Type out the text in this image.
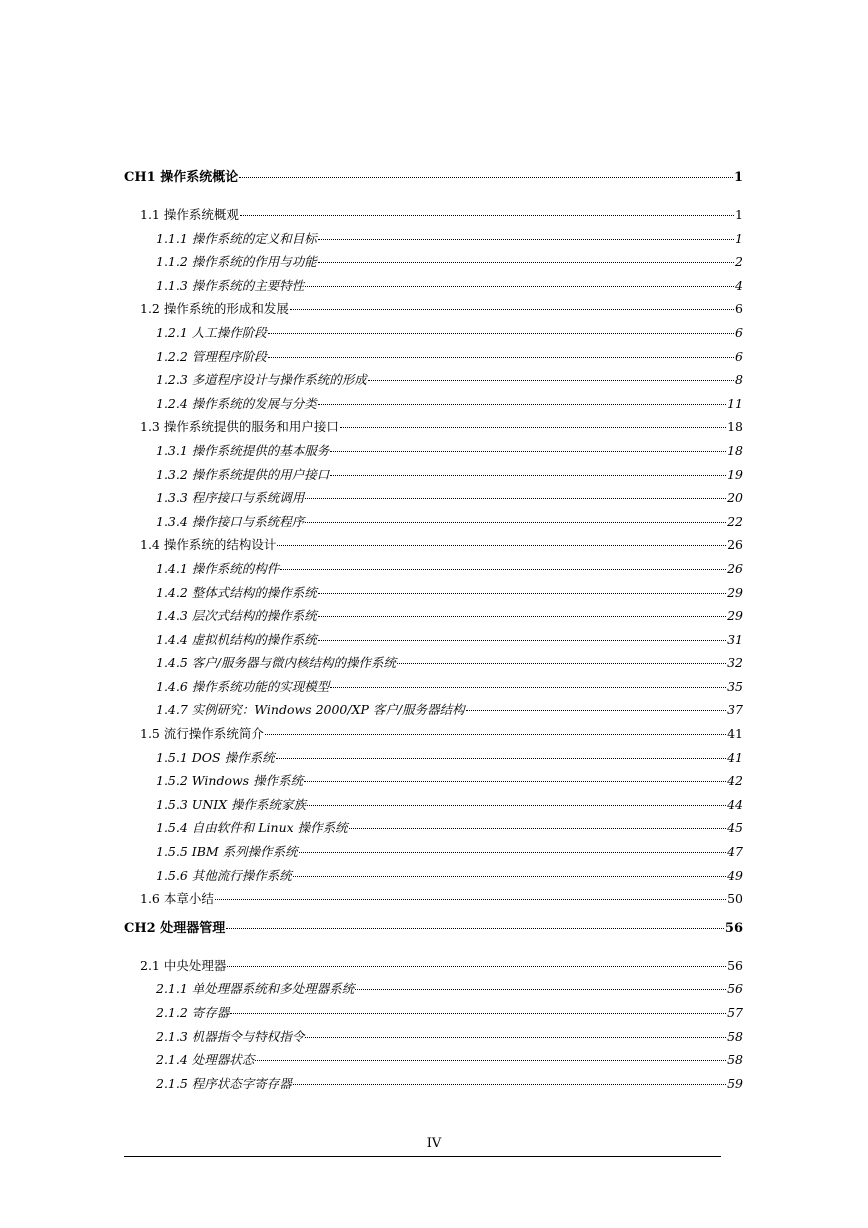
CH1 操作系统概论	1
1.1 操作系统概观	1
1.1.1 操作系统的定义和目标	1
1.1.2 操作系统的作用与功能	2
1.1.3 操作系统的主要特性	4
1.2 操作系统的形成和发展	6
1.2.1 人工操作阶段	6
1.2.2 管理程序阶段	6
1.2.3 多道程序设计与操作系统的形成	8
1.2.4 操作系统的发展与分类	11
1.3 操作系统提供的服务和用户接口	18
1.3.1 操作系统提供的基本服务	18
1.3.2 操作系统提供的用户接口	19
1.3.3 程序接口与系统调用	20
1.3.4 操作接口与系统程序	22
1.4 操作系统的结构设计	26
1.4.1 操作系统的构件	26
1.4.2 整体式结构的操作系统	29
1.4.3 层次式结构的操作系统	29
1.4.4 虚拟机结构的操作系统	31
1.4.5 客户/服务器与微内核结构的操作系统	32
1.4.6 操作系统功能的实现模型	35
1.4.7 实例研究：Windows 2000/XP 客户/服务器结构	37
1.5 流行操作系统简介	41
1.5.1 DOS 操作系统	41
1.5.2 Windows 操作系统	42
1.5.3 UNIX 操作系统家族	44
1.5.4 自由软件和 Linux 操作系统	45
1.5.5 IBM 系列操作系统	47
1.5.6 其他流行操作系统	49
1.6 本章小结	50
CH2 处理器管理	56
2.1 中央处理器	56
2.1.1 单处理器系统和多处理器系统	56
2.1.2 寄存器	57
2.1.3 机器指令与特权指令	58
2.1.4 处理器状态	58
2.1.5 程序状态字寄存器	59
IV
